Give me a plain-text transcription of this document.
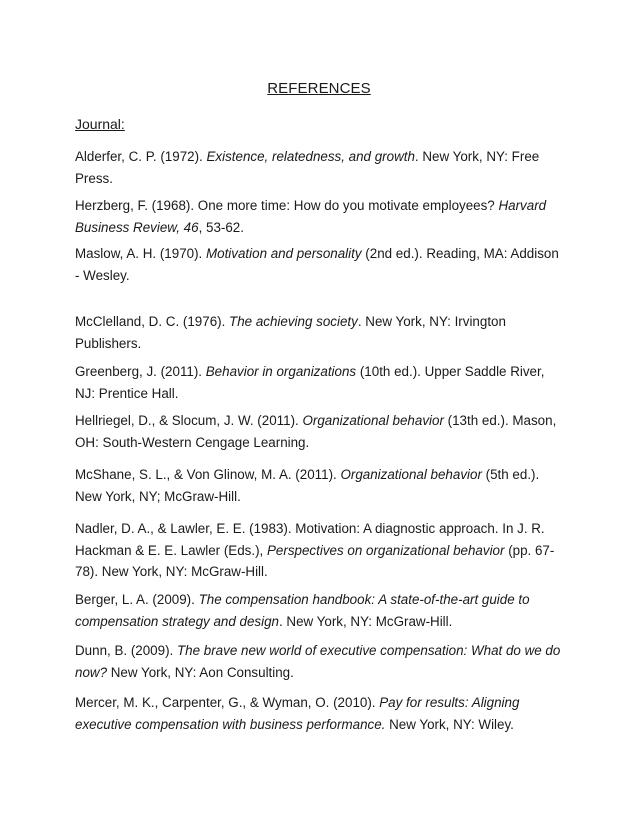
REFERENCES
Journal:
Alderfer, C. P. (1972). Existence, relatedness, and growth. New York, NY: Free Press.
Herzberg, F. (1968). One more time: How do you motivate employees? Harvard Business Review, 46, 53-62.
Maslow, A. H. (1970). Motivation and personality (2nd ed.). Reading, MA: Addison - Wesley.
McClelland, D. C. (1976). The achieving society. New York, NY: Irvington Publishers.
Greenberg, J. (2011). Behavior in organizations (10th ed.). Upper Saddle River, NJ: Prentice Hall.
Hellriegel, D., & Slocum, J. W. (2011). Organizational behavior (13th ed.). Mason, OH: South-Western Cengage Learning.
McShane, S. L., & Von Glinow, M. A. (2011). Organizational behavior (5th ed.). New York, NY; McGraw-Hill.
Nadler, D. A., & Lawler, E. E. (1983). Motivation: A diagnostic approach. In J. R. Hackman & E. E. Lawler (Eds.), Perspectives on organizational behavior (pp. 67-78). New York, NY: McGraw-Hill.
Berger, L. A. (2009). The compensation handbook: A state-of-the-art guide to compensation strategy and design. New York, NY: McGraw-Hill.
Dunn, B. (2009). The brave new world of executive compensation: What do we do now? New York, NY: Aon Consulting.
Mercer, M. K., Carpenter, G., & Wyman, O. (2010). Pay for results: Aligning executive compensation with business performance. New York, NY: Wiley.
